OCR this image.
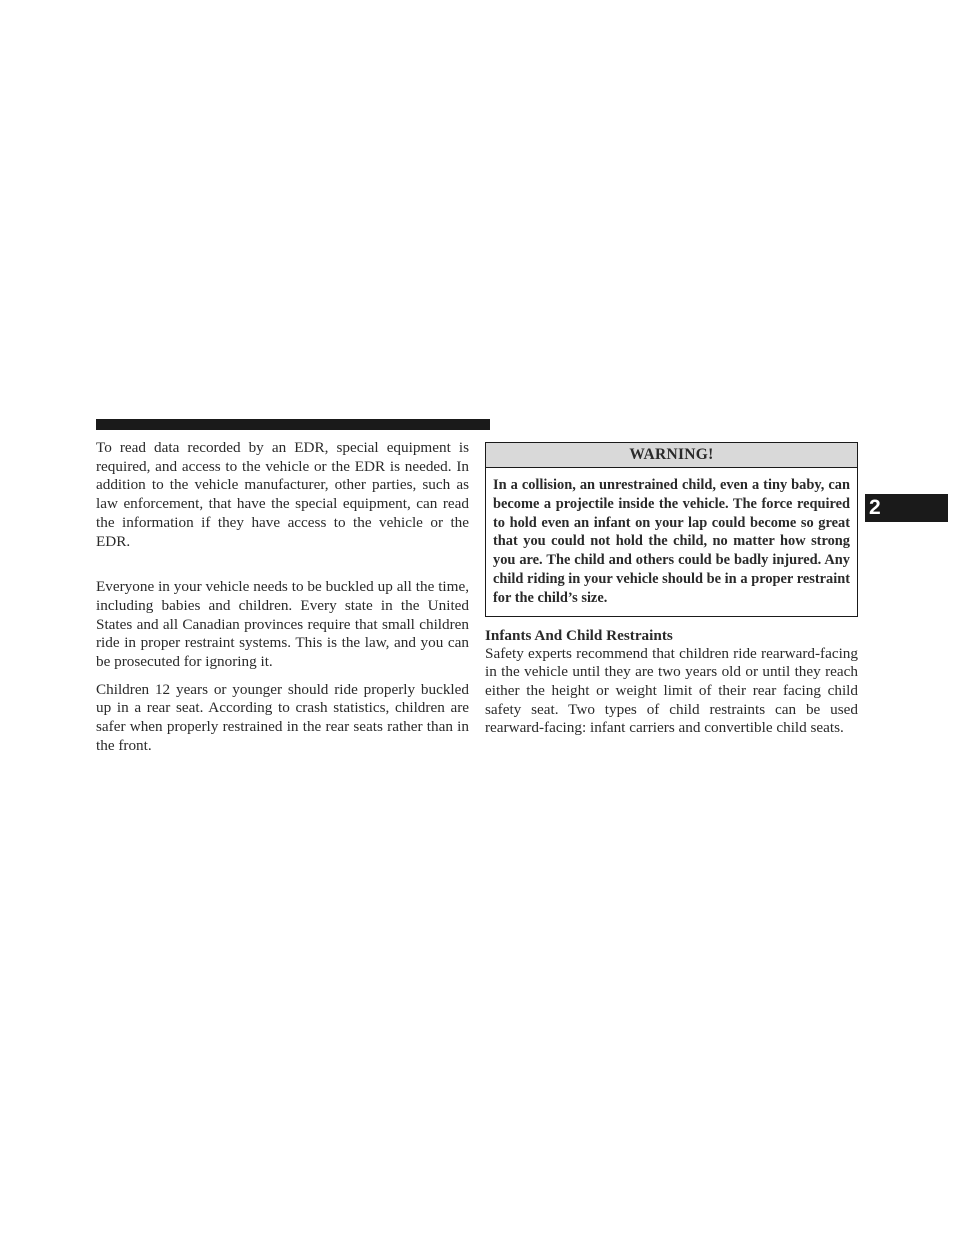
To read data recorded by an EDR, special equipment is required, and access to the vehicle or the EDR is needed. In addition to the vehicle manufacturer, other parties, such as law enforcement, that have the special equipment, can read the information if they have access to the vehicle or the EDR.

Everyone in your vehicle needs to be buckled up all the time, including babies and children. Every state in the United States and all Canadian provinces require that small children ride in proper restraint systems. This is the law, and you can be prosecuted for ignoring it.

Children 12 years or younger should ride properly buckled up in a rear seat. According to crash statistics, children are safer when properly restrained in the rear seats rather than in the front.

WARNING!
In a collision, an unrestrained child, even a tiny baby, can become a projectile inside the vehicle. The force required to hold even an infant on your lap could become so great that you could not hold the child, no matter how strong you are. The child and others could be badly injured. Any child riding in your vehicle should be in a proper restraint for the child’s size.
Infants And Child Restraints

Safety experts recommend that children ride rearward-facing in the vehicle until they are two years old or until they reach either the height or weight limit of their rear facing child safety seat. Two types of child restraints can be used rearward-facing: infant carriers and convertible child seats.

2
